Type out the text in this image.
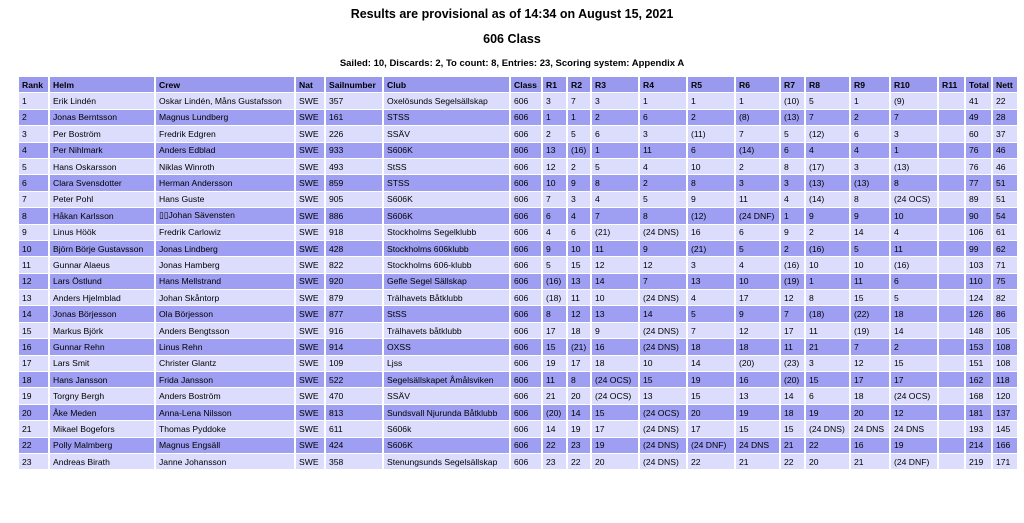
Results are provisional as of 14:34 on August 15, 2021
606 Class
Sailed: 10, Discards: 2, To count: 8, Entries: 23, Scoring system: Appendix A
Rank	Helm	Crew	Nat	Sailnumber	Club	Class	R1	R2	R3	R4	R5	R6	R7	R8	R9	R10	R11	Total	Nett
1	Erik Lindén	Oskar Lindén, Måns Gustafsson	SWE	357	Oxelösunds Segelsällskap	606	3	7	3	1	1	1	(10)	5	1	(9)		41	22
2	Jonas Berntsson	Magnus Lundberg	SWE	161	STSS	606	1	1	2	6	2	(8)	(13)	7	2	7		49	28
3	Per Boström	Fredrik Edgren	SWE	226	SSÄV	606	2	5	6	3	(11)	7	5	(12)	6	3		60	37
4	Per Nihlmark	Anders Edblad	SWE	933	S606K	606	13	(16)	1	11	6	(14)	6	4	4	1		76	46
5	Hans Oskarsson	Niklas Winroth	SWE	493	StSS	606	12	2	5	4	10	2	8	(17)	3	(13)		76	46
6	Clara Svensdotter	Herman Andersson	SWE	859	STSS	606	10	9	8	2	8	3	3	(13)	(13)	8		77	51
7	Peter Pohl	Hans Guste	SWE	905	S606K	606	7	3	4	5	9	11	4	(14)	8	(24 OCS)		89	51
8	Håkan Karlsson	▯▯Johan Sävensten	SWE	886	S606K	606	6	4	7	8	(12)	(24 DNF)	1	9	9	10		90	54
9	Linus Höök	Fredrik Carlowiz	SWE	918	Stockholms Segelklubb	606	4	6	(21)	(24 DNS)	16	6	9	2	14	4		106	61
10	Björn Börje Gustavsson	Jonas Lindberg	SWE	428	Stockholms 606klubb	606	9	10	11	9	(21)	5	2	(16)	5	11		99	62
11	Gunnar Alaeus	Jonas Hamberg	SWE	822	Stockholms 606-klubb	606	5	15	12	12	3	4	(16)	10	10	(16)		103	71
12	Lars Östlund	Hans Mellstrand	SWE	920	Gefle Segel Sällskap	606	(16)	13	14	7	13	10	(19)	1	11	6		110	75
13	Anders Hjelmblad	Johan Skåntorp	SWE	879	Trälhavets Båtklubb	606	(18)	11	10	(24 DNS)	4	17	12	8	15	5		124	82
14	Jonas Börjesson	Ola Börjesson	SWE	877	StSS	606	8	12	13	14	5	9	7	(18)	(22)	18		126	86
15	Markus Björk	Anders Bengtsson	SWE	916	Trälhavets båtklubb	606	17	18	9	(24 DNS)	7	12	17	11	(19)	14		148	105
16	Gunnar Rehn	Linus Rehn	SWE	914	OXSS	606	15	(21)	16	(24 DNS)	18	18	11	21	7	2		153	108
17	Lars Smit	Christer Glantz	SWE	109	Ljss	606	19	17	18	10	14	(20)	(23)	3	12	15		151	108
18	Hans Jansson	Frida Jansson	SWE	522	Segelsällskapet Åmålsviken	606	11	8	(24 OCS)	15	19	16	(20)	15	17	17		162	118
19	Torgny Bergh	Anders Boström	SWE	470	SSÄV	606	21	20	(24 OCS)	13	15	13	14	6	18	(24 OCS)		168	120
20	Åke Meden	Anna-Lena Nilsson	SWE	813	Sundsvall Njurunda Båtklubb	606	(20)	14	15	(24 OCS)	20	19	18	19	20	12		181	137
21	Mikael Bogefors	Thomas Pyddoke	SWE	611	S606k	606	14	19	17	(24 DNS)	17	15	15	(24 DNS)	24 DNS	24 DNS		193	145
22	Polly Malmberg	Magnus Engsäll	SWE	424	S606K	606	22	23	19	(24 DNS)	(24 DNF)	24 DNS	21	22	16	19		214	166
23	Andreas Birath	Janne Johansson	SWE	358	Stenungsunds Segelsällskap	606	23	22	20	(24 DNS)	22	21	22	20	21	(24 DNF)		219	171
